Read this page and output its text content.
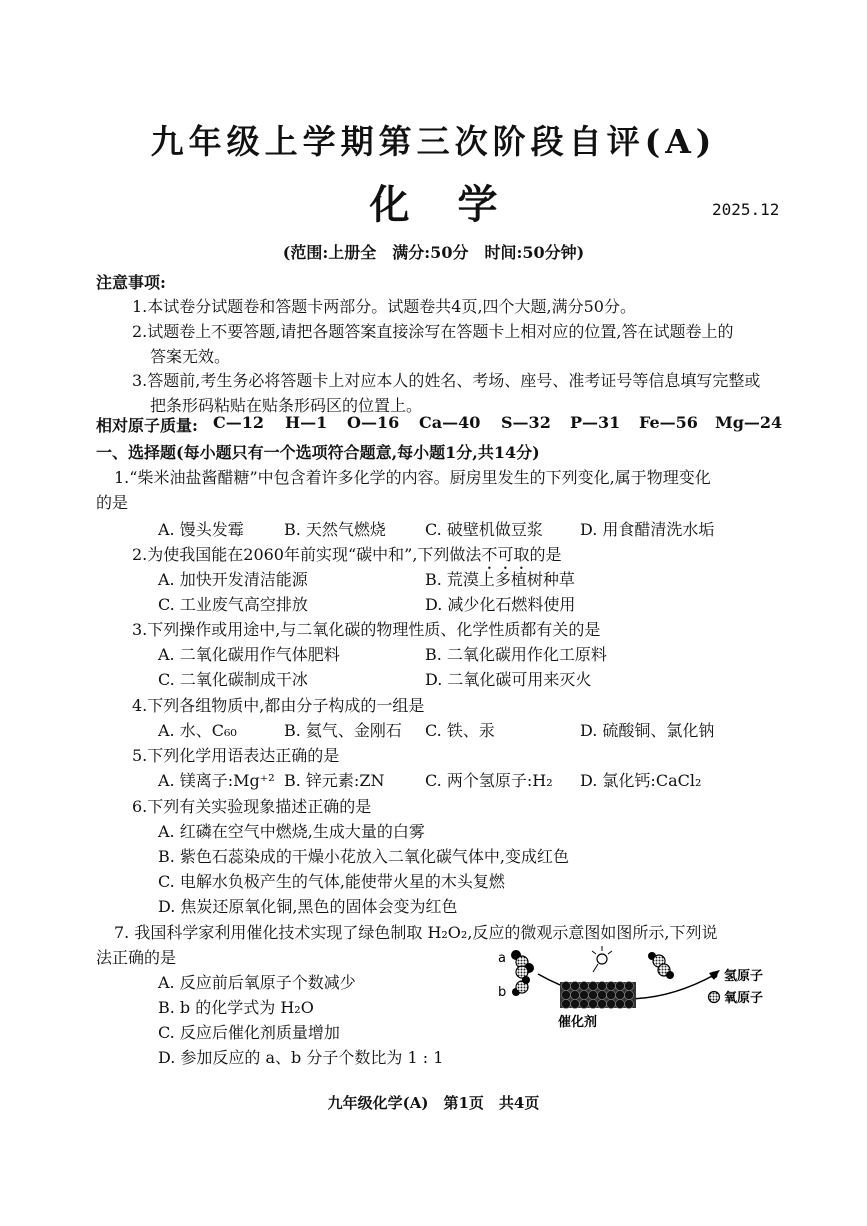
九年级上学期第三次阶段自评(A)
化学	2025.12
(范围:上册全　满分:50分　时间:50分钟)
注意事项:
1.本试卷分试题卷和答题卡两部分。试题卷共4页,四个大题,满分50分。
2.试题卷上不要答题,请把各题答案直接涂写在答题卡上相对应的位置,答在试题卷上的
答案无效。
3.答题前,考生务必将答题卡上对应本人的姓名、考场、座号、准考证号等信息填写完整或
把条形码粘贴在贴条形码区的位置上。
相对原子质量: C—12 H—1 O—16 Ca—40 S—32 P—31 Fe—56 Mg—24
一、选择题(每小题只有一个选项符合题意,每小题1分,共14分)
1.“柴米油盐酱醋糖”中包含着许多化学的内容。厨房里发生的下列变化,属于物理变化
的是
A. 馒头发霉	B. 天然气燃烧 C. 破壁机做豆浆 D. 用食醋清洗水垢
2.为使我国能在2060年前实现“碳中和”,下列做法不可取的是
A. 加快开发清洁能源	B. 荒漠上多植树种草
C. 工业废气高空排放	D. 减少化石燃料使用
3.下列操作或用途中,与二氧化碳的物理性质、化学性质都有关的是
A. 二氧化碳用作气体肥料	B. 二氧化碳用作化工原料
C. 二氧化碳制成干冰	D. 二氧化碳可用来灭火
4.下列各组物质中,都由分子构成的一组是
A. 水、C₆₀	B. 氦气、金刚石 C. 铁、汞	D. 硫酸铜、氯化钠
5.下列化学用语表达正确的是
A. 镁离子:Mg⁺² B. 锌元素:ZN	C. 两个氢原子:H₂ D. 氯化钙:CaCl₂
6.下列有关实验现象描述正确的是
A. 红磷在空气中燃烧,生成大量的白雾
B. 紫色石蕊染成的干燥小花放入二氧化碳气体中,变成红色
C. 电解水负极产生的气体,能使带火星的木头复燃
D. 焦炭还原氧化铜,黑色的固体会变为红色
7. 我国科学家利用催化技术实现了绿色制取 H₂O₂,反应的微观示意图如图所示,下列说
法正确的是
A. 反应前后氧原子个数减少
B. b 的化学式为 H₂O
C. 反应后催化剂质量增加
D. 参加反应的 a、b 分子个数比为 1 : 1
a
b
催化剂
氢原子
氧原子
九年级化学(A)　第1页　共4页
